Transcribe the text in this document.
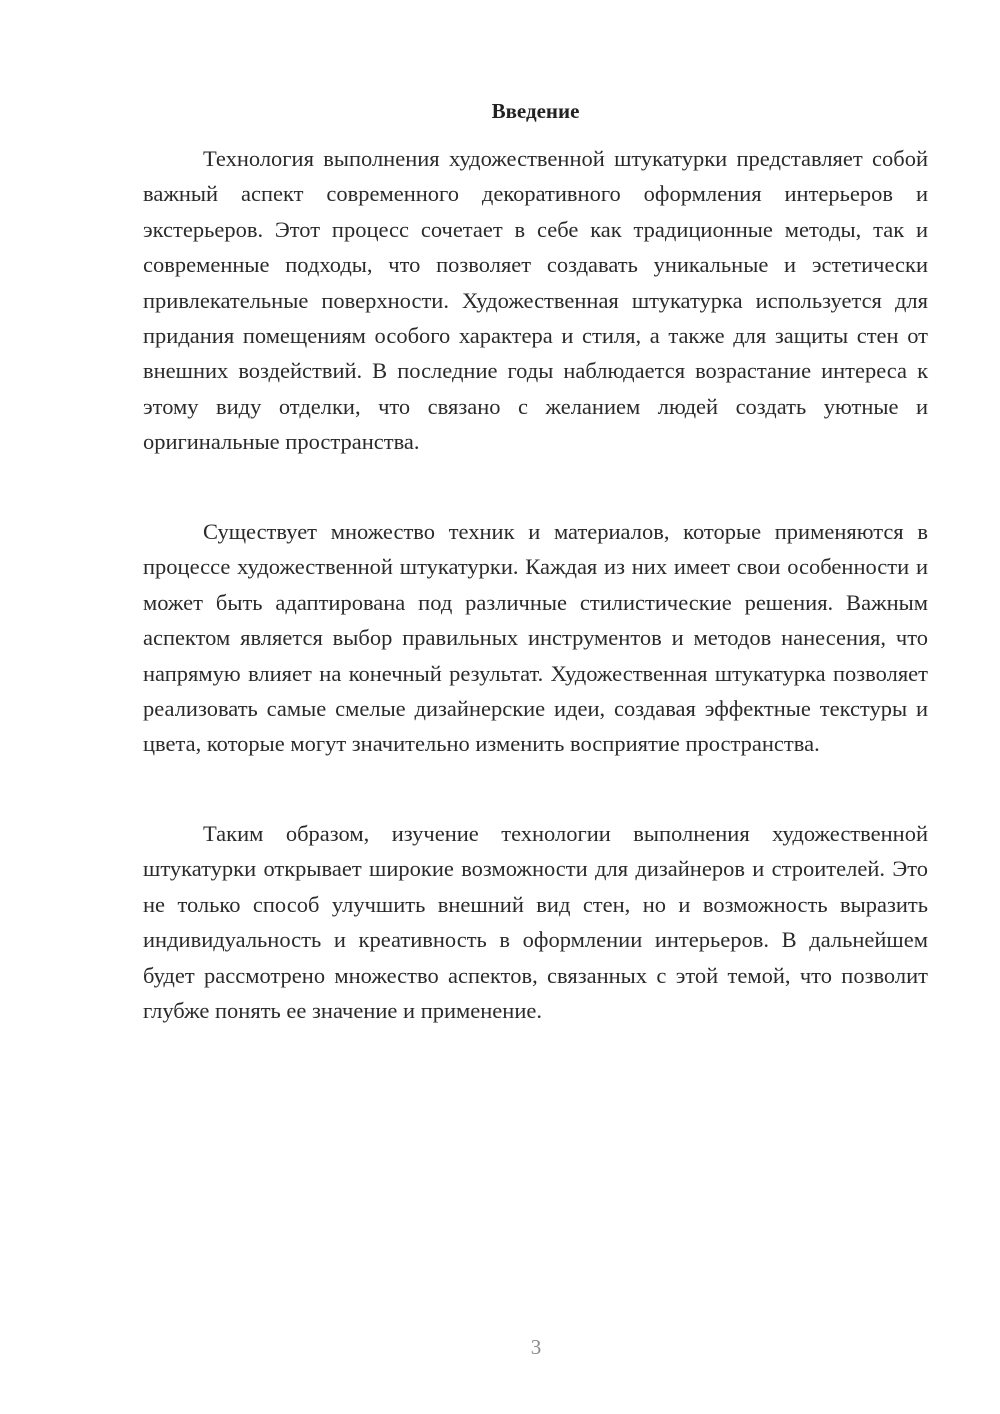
Введение

Технология выполнения художественной штукатурки представляет собой важный аспект современного декоративного оформления интерьеров и экстерьеров. Этот процесс сочетает в себе как традиционные методы, так и современные подходы, что позволяет создавать уникальные и эстетически привлекательные поверхности. Художественная штукатурка используется для придания помещениям особого характера и стиля, а также для защиты стен от внешних воздействий. В последние годы наблюдается возрастание интереса к этому виду отделки, что связано с желанием людей создать уютные и оригинальные пространства.

Существует множество техник и материалов, которые применяются в процессе художественной штукатурки. Каждая из них имеет свои особенности и может быть адаптирована под различные стилистические решения. Важным аспектом является выбор правильных инструментов и методов нанесения, что напрямую влияет на конечный результат. Художественная штукатурка позволяет реализовать самые смелые дизайнерские идеи, создавая эффектные текстуры и цвета, которые могут значительно изменить восприятие пространства.

Таким образом, изучение технологии выполнения художественной штукатурки открывает широкие возможности для дизайнеров и строителей. Это не только способ улучшить внешний вид стен, но и возможность выразить индивидуальность и креативность в оформлении интерьеров. В дальнейшем будет рассмотрено множество аспектов, связанных с этой темой, что позволит глубже понять ее значение и применение.

3
